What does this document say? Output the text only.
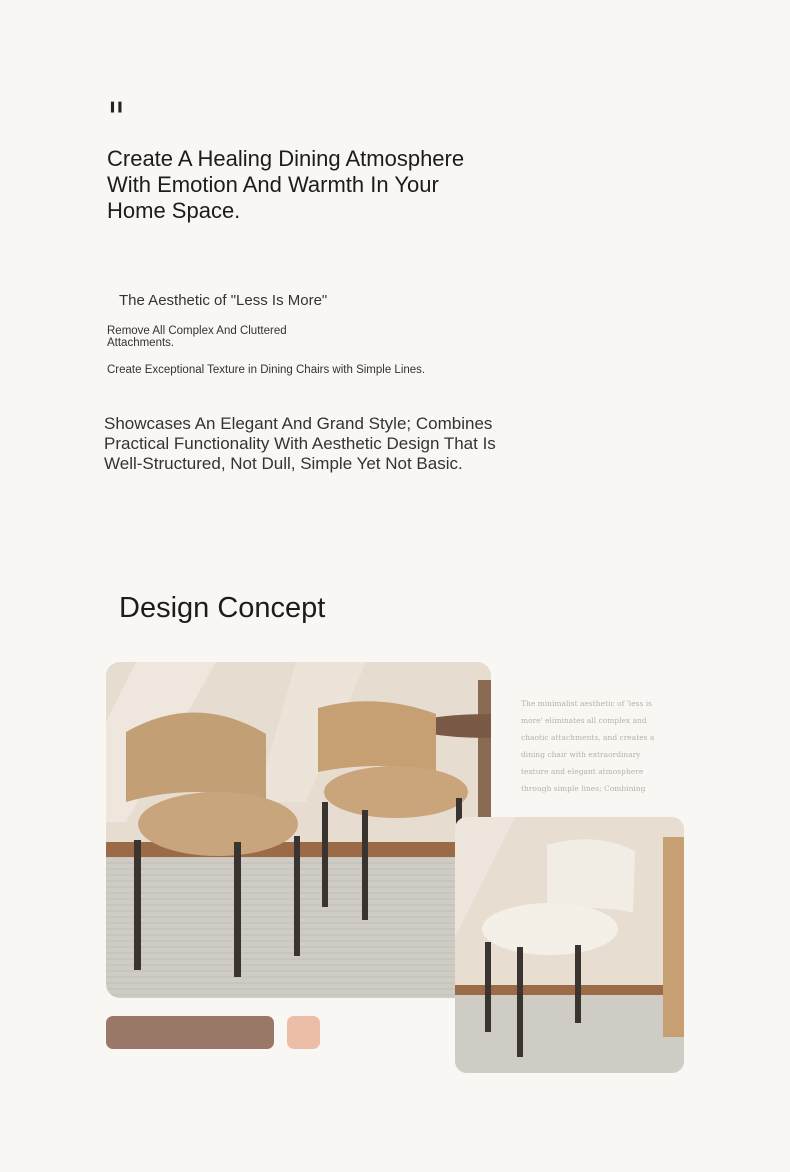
"
Create A Healing Dining Atmosphere With Emotion And Warmth In Your Home Space.
The Aesthetic of "Less Is More"
Remove All Complex And Cluttered Attachments.
Create Exceptional Texture in Dining Chairs with Simple Lines.
Showcases An Elegant And Grand Style; Combines Practical Functionality With Aesthetic Design That Is Well-Structured, Not Dull, Simple Yet Not Basic.
Design Concept
The minimalist aesthetic of 'less is more' eliminates all complex and chaotic attachments, and creates a dining chair with extraordinary texture and elegant atmosphere through simple lines; Combining
